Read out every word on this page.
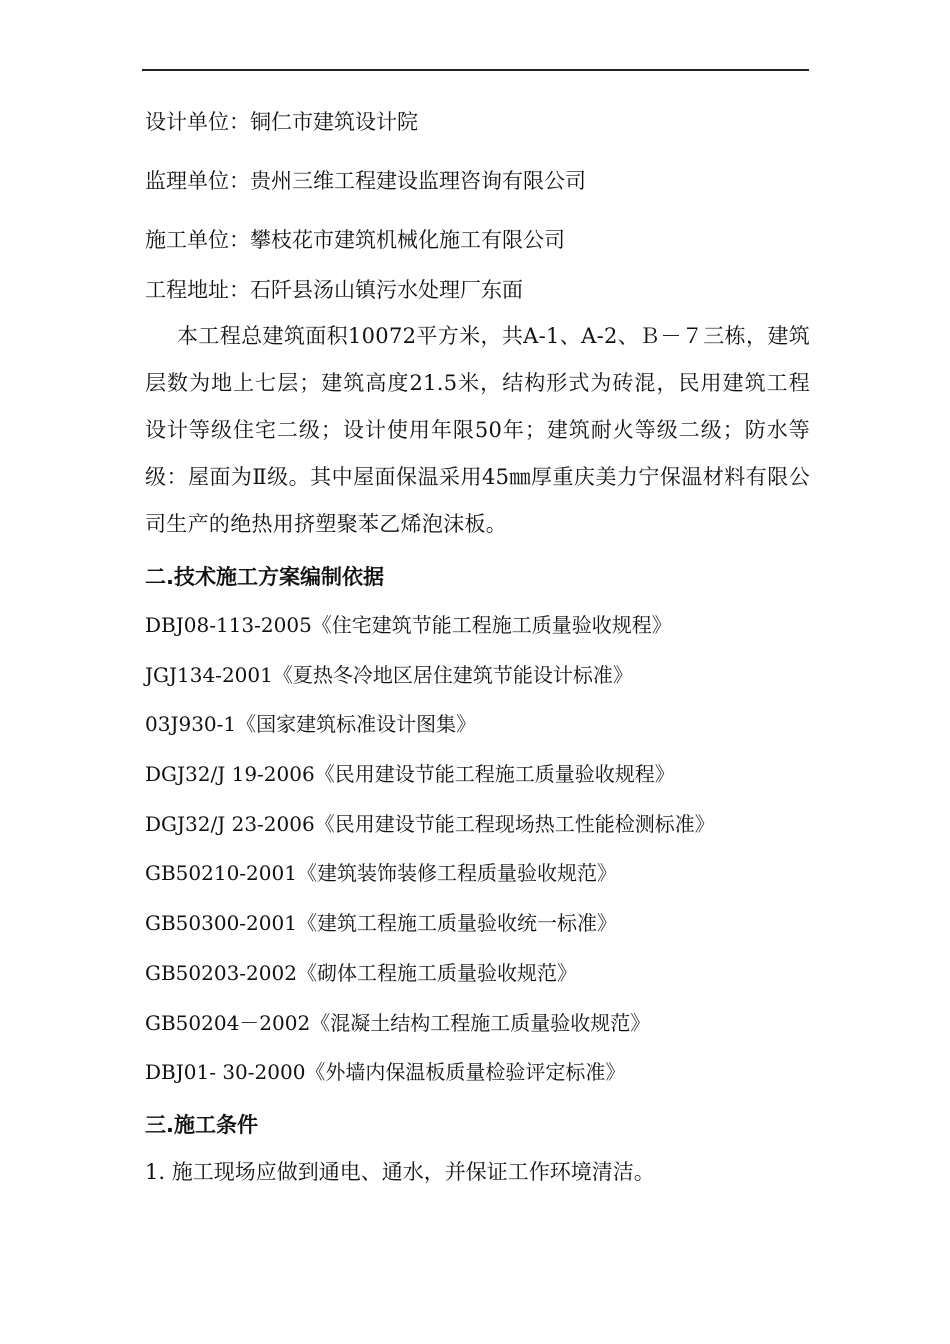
设计单位：铜仁市建筑设计院
监理单位：贵州三维工程建设监理咨询有限公司
施工单位：攀枝花市建筑机械化施工有限公司
工程地址：石阡县汤山镇污水处理厂东面
本工程总建筑面积10072平方米，共A-1、A-2、Ｂ－７三栋，建筑层数为地上七层；建筑高度21.5米，结构形式为砖混，民用建筑工程设计等级住宅二级；设计使用年限50年；建筑耐火等级二级；防水等级：屋面为Ⅱ级。其中屋面保温采用45㎜厚重庆美力宁保温材料有限公司生产的绝热用挤塑聚苯乙烯泡沫板。
二.技术施工方案编制依据
DBJ08-113-2005《住宅建筑节能工程施工质量验收规程》
JGJ134-2001《夏热冬冷地区居住建筑节能设计标准》
03J930-1《国家建筑标准设计图集》
DGJ32/J 19-2006《民用建设节能工程施工质量验收规程》
DGJ32/J 23-2006《民用建设节能工程现场热工性能检测标准》
GB50210-2001《建筑装饰装修工程质量验收规范》
GB50300-2001《建筑工程施工质量验收统一标准》
GB50203-2002《砌体工程施工质量验收规范》
GB50204－2002《混凝土结构工程施工质量验收规范》
DBJ01- 30-2000《外墙内保温板质量检验评定标准》
三.施工条件
1. 施工现场应做到通电、通水，并保证工作环境清洁。
